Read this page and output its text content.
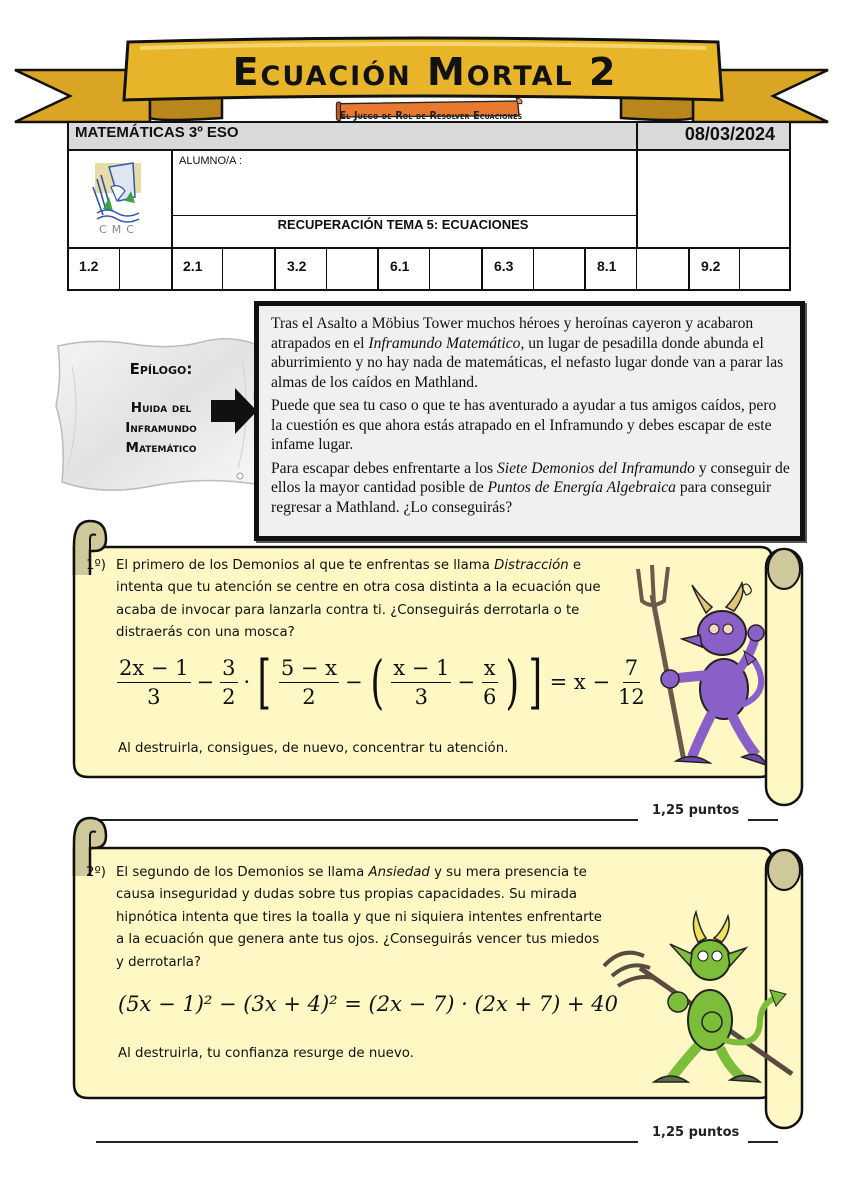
Ecuación Mortal 2
MATEMÁTICAS 3º ESO	08/03/2024
ALUMNO/A :
RECUPERACIÓN TEMA 5: ECUACIONES
CMC
1.2	2.1	3.2	6.1	6.3	8.1	9.2
El Juego de Rol de Resolver Ecuaciones
Epílogo:
Huida del
Inframundo
Matemático

Tras el Asalto a Möbius Tower muchos héroes y heroínas cayeron y acabaron atrapados en el Inframundo Matemático, un lugar de pesadilla donde abunda el aburrimiento y no hay nada de matemáticas, el nefasto lugar donde van a parar las almas de los caídos en Mathland.

Puede que sea tu caso o que te has aventurado a ayudar a tus amigos caídos, pero la cuestión es que ahora estás atrapado en el Inframundo y debes escapar de este infame lugar.

Para escapar debes enfrentarte a los Siete Demonios del Inframundo y conseguir de ellos la mayor cantidad posible de Puntos de Energía Algebraica para conseguir regresar a Mathland. ¿Lo conseguirás?

1º) El primero de los Demonios al que te enfrentas se llama Distracción e intenta que tu atención se centre en otra cosa distinta a la ecuación que acaba de invocar para lanzarla contra ti. ¿Conseguirás derrotarla o te distraerás con una mosca?
$\frac{2x - 1}{3} - \frac{3}{2}$ · [ $\frac{5 - x}{2}$ − ( $\frac{x - 1}{3} - \frac{x}{6}$ ) ] = $x - \frac{7}{12}$
Al destruirla, consigues, de nuevo, concentrar tu atención.
1,25 puntos
2º) El segundo de los Demonios se llama Ansiedad y su mera presencia te causa inseguridad y dudas sobre tus propias capacidades. Su mirada hipnótica intenta que tires la toalla y que ni siquiera intentes enfrentarte a la ecuación que genera ante tus ojos. ¿Conseguirás vencer tus miedos y derrotarla?
(5x − 1)² − (3x + 4)² = (2x − 7) · (2x + 7) + 40
Al destruirla, tu confianza resurge de nuevo.
1,25 puntos
